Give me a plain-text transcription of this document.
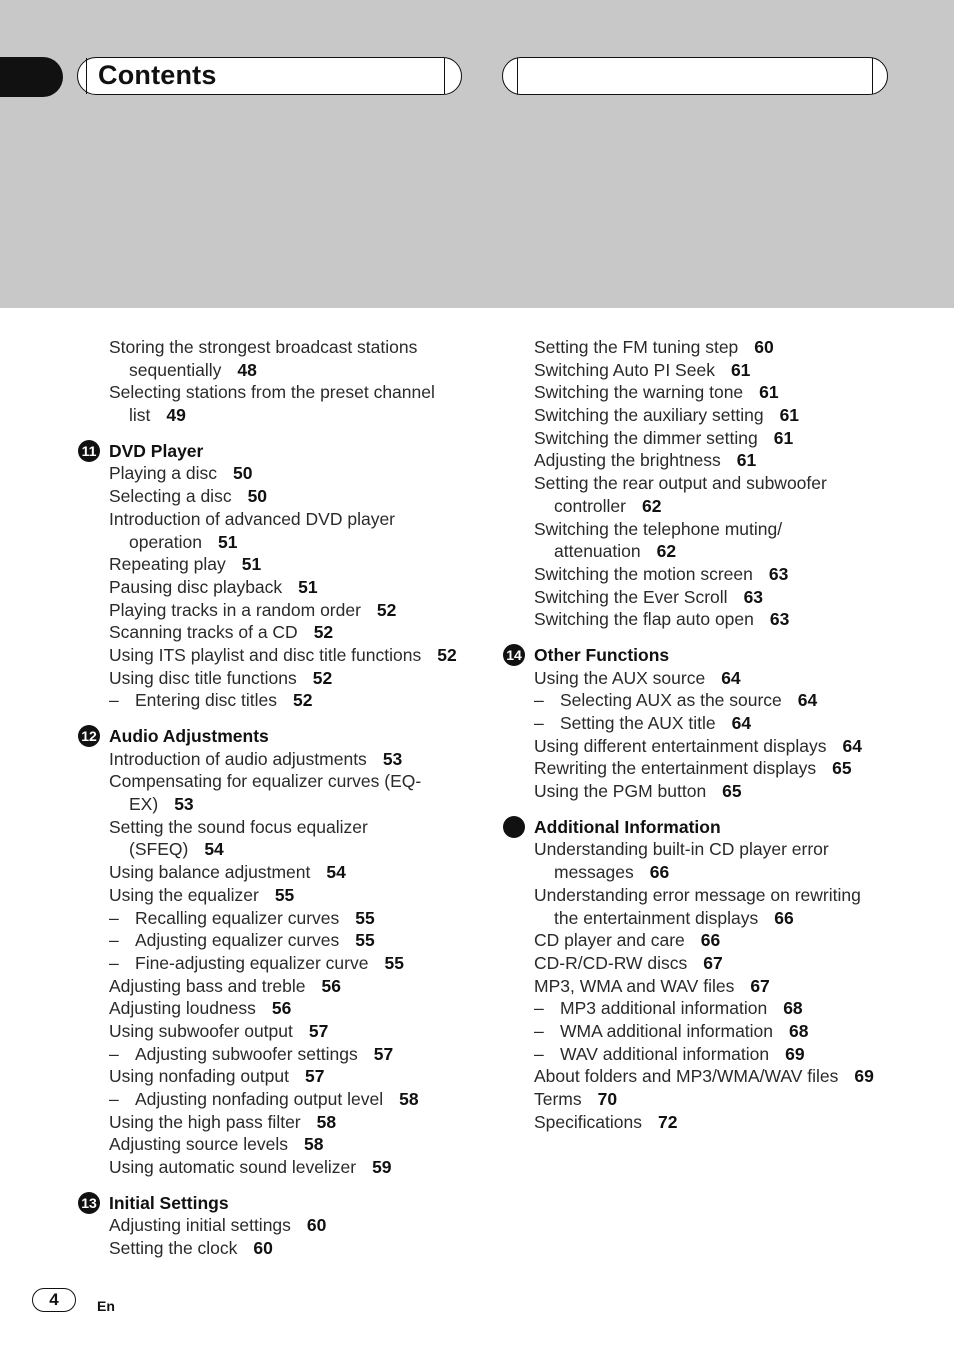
Contents
Storing the strongest broadcast stations
sequentially 48
Selecting stations from the preset channel
list 49
11 DVD Player
Playing a disc 50
Selecting a disc 50
Introduction of advanced DVD player
operation 51
Repeating play 51
Pausing disc playback 51
Playing tracks in a random order 52
Scanning tracks of a CD 52
Using ITS playlist and disc title functions 52
Using disc title functions 52
– Entering disc titles 52
12 Audio Adjustments
Introduction of audio adjustments 53
Compensating for equalizer curves (EQ-
EX) 53
Setting the sound focus equalizer
(SFEQ) 54
Using balance adjustment 54
Using the equalizer 55
– Recalling equalizer curves 55
– Adjusting equalizer curves 55
– Fine-adjusting equalizer curve 55
Adjusting bass and treble 56
Adjusting loudness 56
Using subwoofer output 57
– Adjusting subwoofer settings 57
Using nonfading output 57
– Adjusting nonfading output level 58
Using the high pass filter 58
Adjusting source levels 58
Using automatic sound levelizer 59
13 Initial Settings
Adjusting initial settings 60
Setting the clock 60
Setting the FM tuning step 60
Switching Auto PI Seek 61
Switching the warning tone 61
Switching the auxiliary setting 61
Switching the dimmer setting 61
Adjusting the brightness 61
Setting the rear output and subwoofer
controller 62
Switching the telephone muting/
attenuation 62
Switching the motion screen 63
Switching the Ever Scroll 63
Switching the flap auto open 63
14 Other Functions
Using the AUX source 64
– Selecting AUX as the source 64
– Setting the AUX title 64
Using different entertainment displays 64
Rewriting the entertainment displays 65
Using the PGM button 65
Additional Information
Understanding built-in CD player error
messages 66
Understanding error message on rewriting
the entertainment displays 66
CD player and care 66
CD-R/CD-RW discs 67
MP3, WMA and WAV files 67
– MP3 additional information 68
– WMA additional information 68
– WAV additional information 69
About folders and MP3/WMA/WAV files 69
Terms 70
Specifications 72
4	En
